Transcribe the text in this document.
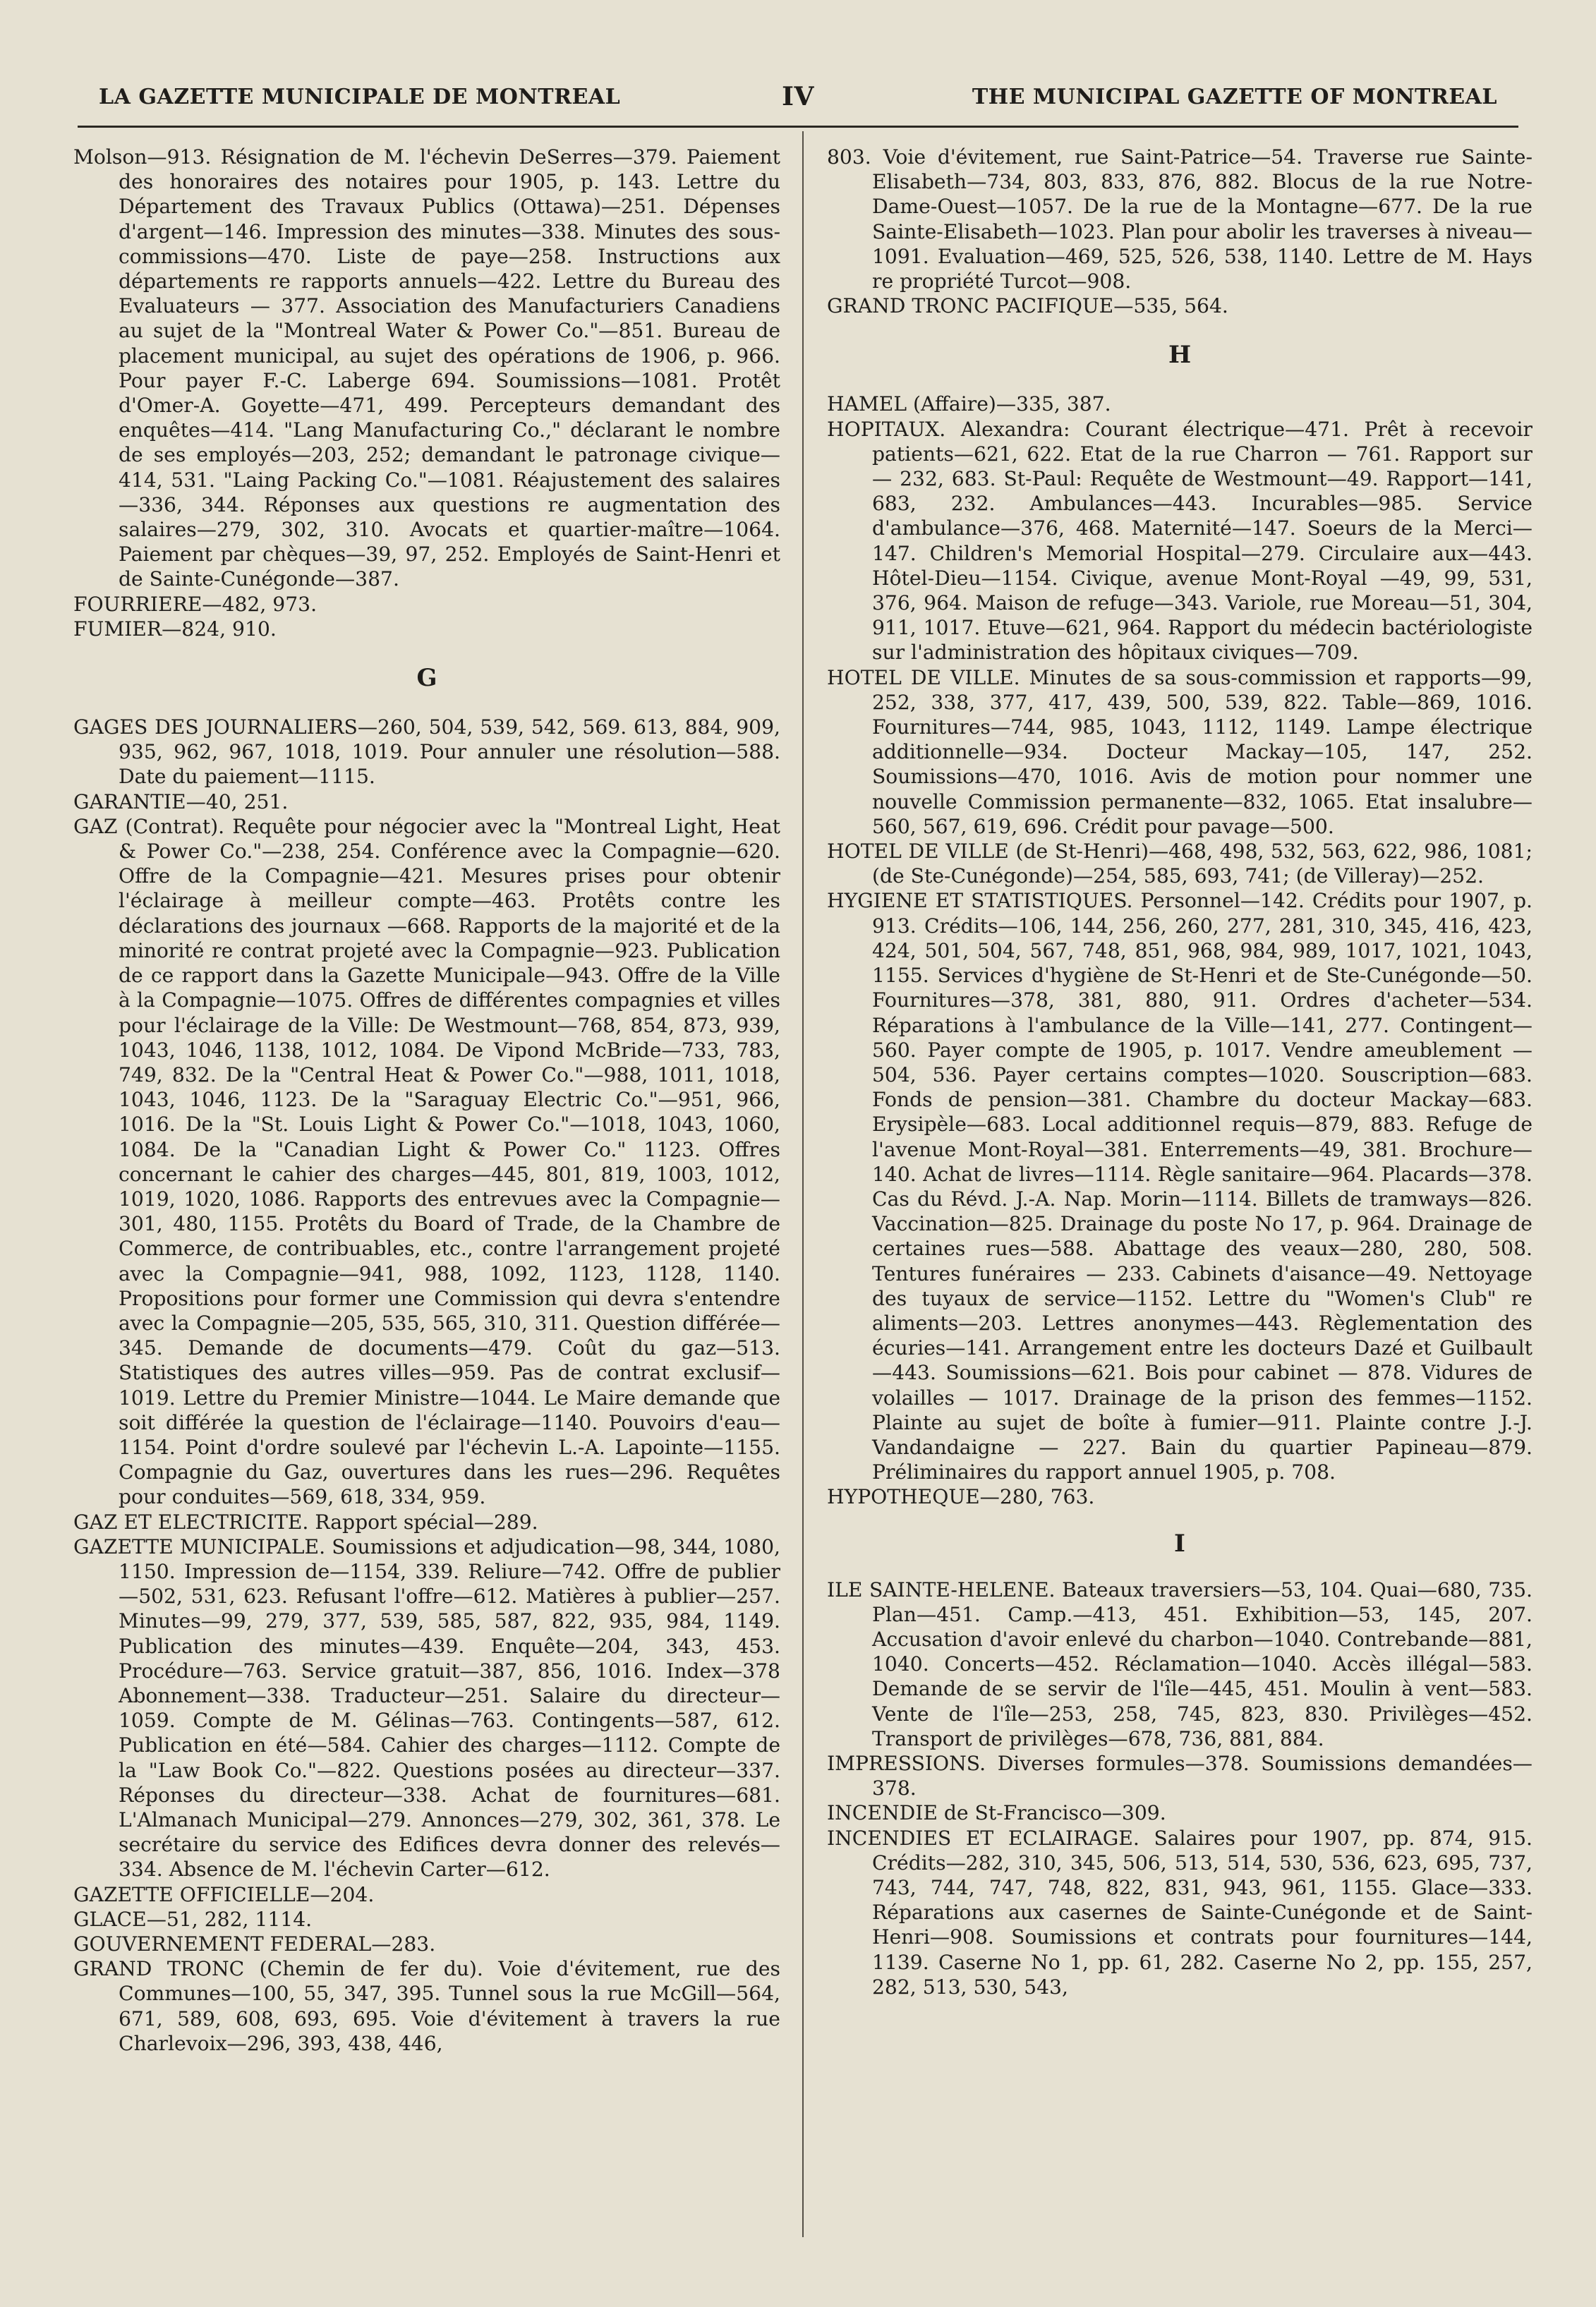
LA GAZETTE MUNICIPALE DE MONTREAL	IV	THE MUNICIPAL GAZETTE OF MONTREAL

Molson—913. Résignation de M. l'échevin DeSerres—379. Paiement des honoraires des notaires pour 1905, p. 143. Lettre du Département des Travaux Publics (Ottawa)—251. Dépenses d'argent—146. Impression des minutes—338. Minutes des sous-commissions—470. Liste de paye—258. Instructions aux départements re rapports annuels—422. Lettre du Bureau des Evaluateurs — 377. Association des Manufacturiers Canadiens au sujet de la "Montreal Water & Power Co."—851. Bureau de placement municipal, au sujet des opérations de 1906, p. 966. Pour payer F.-C. Laberge 694. Soumissions—1081. Protêt d'Omer-A. Goyette—471, 499. Percepteurs demandant des enquêtes—414. "Lang Manufacturing Co.," déclarant le nombre de ses employés—203, 252; demandant le patronage civique—414, 531. "Laing Packing Co."—1081. Réajustement des salaires—336, 344. Réponses aux questions re augmentation des salaires—279, 302, 310. Avocats et quartier-maître—1064. Paiement par chèques—39, 97, 252. Employés de Saint-Henri et de Sainte-Cunégonde—387.

FOURRIERE—482, 973.

FUMIER—824, 910.

G

GAGES DES JOURNALIERS—260, 504, 539, 542, 569. 613, 884, 909, 935, 962, 967, 1018, 1019. Pour annuler une résolution—588. Date du paiement—1115.

GARANTIE—40, 251.

GAZ (Contrat). Requête pour négocier avec la "Montreal Light, Heat & Power Co."—238, 254. Conférence avec la Compagnie—620. Offre de la Compagnie—421. Mesures prises pour obtenir l'éclairage à meilleur compte—463. Protêts contre les déclarations des journaux —668. Rapports de la majorité et de la minorité re contrat projeté avec la Compagnie—923. Publication de ce rapport dans la Gazette Municipale—943. Offre de la Ville à la Compagnie—1075. Offres de différentes compagnies et villes pour l'éclairage de la Ville: De Westmount—768, 854, 873, 939, 1043, 1046, 1138, 1012, 1084. De Vipond McBride—733, 783, 749, 832. De la "Central Heat & Power Co."—988, 1011, 1018, 1043, 1046, 1123. De la "Saraguay Electric Co."—951, 966, 1016. De la "St. Louis Light & Power Co."—1018, 1043, 1060, 1084. De la "Canadian Light & Power Co." 1123. Offres concernant le cahier des charges—445, 801, 819, 1003, 1012, 1019, 1020, 1086. Rapports des entrevues avec la Compagnie—301, 480, 1155. Protêts du Board of Trade, de la Chambre de Commerce, de contribuables, etc., contre l'arrangement projeté avec la Compagnie—941, 988, 1092, 1123, 1128, 1140. Propositions pour former une Commission qui devra s'entendre avec la Compagnie—205, 535, 565, 310, 311. Question différée—345. Demande de documents—479. Coût du gaz—513. Statistiques des autres villes—959. Pas de contrat exclusif—1019. Lettre du Premier Ministre—1044. Le Maire demande que soit différée la question de l'éclairage—1140. Pouvoirs d'eau—1154. Point d'ordre soulevé par l'échevin L.-A. Lapointe—1155. Compagnie du Gaz, ouvertures dans les rues—296. Requêtes pour conduites—569, 618, 334, 959.

GAZ ET ELECTRICITE. Rapport spécial—289.

GAZETTE MUNICIPALE. Soumissions et adjudication—98, 344, 1080, 1150. Impression de—1154, 339. Reliure—742. Offre de publier—502, 531, 623. Refusant l'offre—612. Matières à publier—257. Minutes—99, 279, 377, 539, 585, 587, 822, 935, 984, 1149. Publication des minutes—439. Enquête—204, 343, 453. Procédure—763. Service gratuit—387, 856, 1016. Index—378 Abonnement—338. Traducteur—251. Salaire du directeur—1059. Compte de M. Gélinas—763. Contingents—587, 612. Publication en été—584. Cahier des charges—1112. Compte de la "Law Book Co."—822. Questions posées au directeur—337. Réponses du directeur—338. Achat de fournitures—681. L'Almanach Municipal—279. Annonces—279, 302, 361, 378. Le secrétaire du service des Edifices devra donner des relevés—334. Absence de M. l'échevin Carter—612.

GAZETTE OFFICIELLE—204.

GLACE—51, 282, 1114.

GOUVERNEMENT FEDERAL—283.

GRAND TRONC (Chemin de fer du). Voie d'évitement, rue des Communes—100, 55, 347, 395. Tunnel sous la rue McGill—564, 671, 589, 608, 693, 695. Voie d'évitement à travers la rue Charlevoix—296, 393, 438, 446,

803. Voie d'évitement, rue Saint-Patrice—54. Traverse rue Sainte-Elisabeth—734, 803, 833, 876, 882. Blocus de la rue Notre-Dame-Ouest—1057. De la rue de la Montagne—677. De la rue Sainte-Elisabeth—1023. Plan pour abolir les traverses à niveau—1091. Evaluation—469, 525, 526, 538, 1140. Lettre de M. Hays re propriété Turcot—908.

GRAND TRONC PACIFIQUE—535, 564.

H

HAMEL (Affaire)—335, 387.

HOPITAUX. Alexandra: Courant électrique—471. Prêt à recevoir patients—621, 622. Etat de la rue Charron — 761. Rapport sur — 232, 683. St-Paul: Requête de Westmount—49. Rapport—141, 683, 232. Ambulances—443. Incurables—985. Service d'ambulance—376, 468. Maternité—147. Soeurs de la Merci—147. Children's Memorial Hospital—279. Circulaire aux—443. Hôtel-Dieu—1154. Civique, avenue Mont-Royal —49, 99, 531, 376, 964. Maison de refuge—343. Variole, rue Moreau—51, 304, 911, 1017. Etuve—621, 964. Rapport du médecin bactériologiste sur l'administration des hôpitaux civiques—709.

HOTEL DE VILLE. Minutes de sa sous-commission et rapports—99, 252, 338, 377, 417, 439, 500, 539, 822. Table—869, 1016. Fournitures—744, 985, 1043, 1112, 1149. Lampe électrique additionnelle—934. Docteur Mackay—105, 147, 252. Soumissions—470, 1016. Avis de motion pour nommer une nouvelle Commission permanente—832, 1065. Etat insalubre—560, 567, 619, 696. Crédit pour pavage—500.

HOTEL DE VILLE (de St-Henri)—468, 498, 532, 563, 622, 986, 1081; (de Ste-Cunégonde)—254, 585, 693, 741; (de Villeray)—252.

HYGIENE ET STATISTIQUES. Personnel—142. Crédits pour 1907, p. 913. Crédits—106, 144, 256, 260, 277, 281, 310, 345, 416, 423, 424, 501, 504, 567, 748, 851, 968, 984, 989, 1017, 1021, 1043, 1155. Services d'hygiène de St-Henri et de Ste-Cunégonde—50. Fournitures—378, 381, 880, 911. Ordres d'acheter—534. Réparations à l'ambulance de la Ville—141, 277. Contingent—560. Payer compte de 1905, p. 1017. Vendre ameublement — 504, 536. Payer certains comptes—1020. Souscription—683. Fonds de pension—381. Chambre du docteur Mackay—683. Erysipèle—683. Local additionnel requis—879, 883. Refuge de l'avenue Mont-Royal—381. Enterrements—49, 381. Brochure—140. Achat de livres—1114. Règle sanitaire—964. Placards—378. Cas du Révd. J.-A. Nap. Morin—1114. Billets de tramways—826. Vaccination—825. Drainage du poste No 17, p. 964. Drainage de certaines rues—588. Abattage des veaux—280, 280, 508. Tentures funéraires — 233. Cabinets d'aisance—49. Nettoyage des tuyaux de service—1152. Lettre du "Women's Club" re aliments—203. Lettres anonymes—443. Règlementation des écuries—141. Arrangement entre les docteurs Dazé et Guilbault—443. Soumissions—621. Bois pour cabinet — 878. Vidures de volailles — 1017. Drainage de la prison des femmes—1152. Plainte au sujet de boîte à fumier—911. Plainte contre J.-J. Vandandaigne — 227. Bain du quartier Papineau—879. Préliminaires du rapport annuel 1905, p. 708.

HYPOTHEQUE—280, 763.

I

ILE SAINTE-HELENE. Bateaux traversiers—53, 104. Quai—680, 735. Plan—451. Camp.—413, 451. Exhibition—53, 145, 207. Accusation d'avoir enlevé du charbon—1040. Contrebande—881, 1040. Concerts—452. Réclamation—1040. Accès illégal—583. Demande de se servir de l'île—445, 451. Moulin à vent—583. Vente de l'île—253, 258, 745, 823, 830. Privilèges—452. Transport de privilèges—678, 736, 881, 884.

IMPRESSIONS. Diverses formules—378. Soumissions demandées—378.

INCENDIE de St-Francisco—309.

INCENDIES ET ECLAIRAGE. Salaires pour 1907, pp. 874, 915. Crédits—282, 310, 345, 506, 513, 514, 530, 536, 623, 695, 737, 743, 744, 747, 748, 822, 831, 943, 961, 1155. Glace—333. Réparations aux casernes de Sainte-Cunégonde et de Saint-Henri—908. Soumissions et contrats pour fournitures—144, 1139. Caserne No 1, pp. 61, 282. Caserne No 2, pp. 155, 257, 282, 513, 530, 543,
